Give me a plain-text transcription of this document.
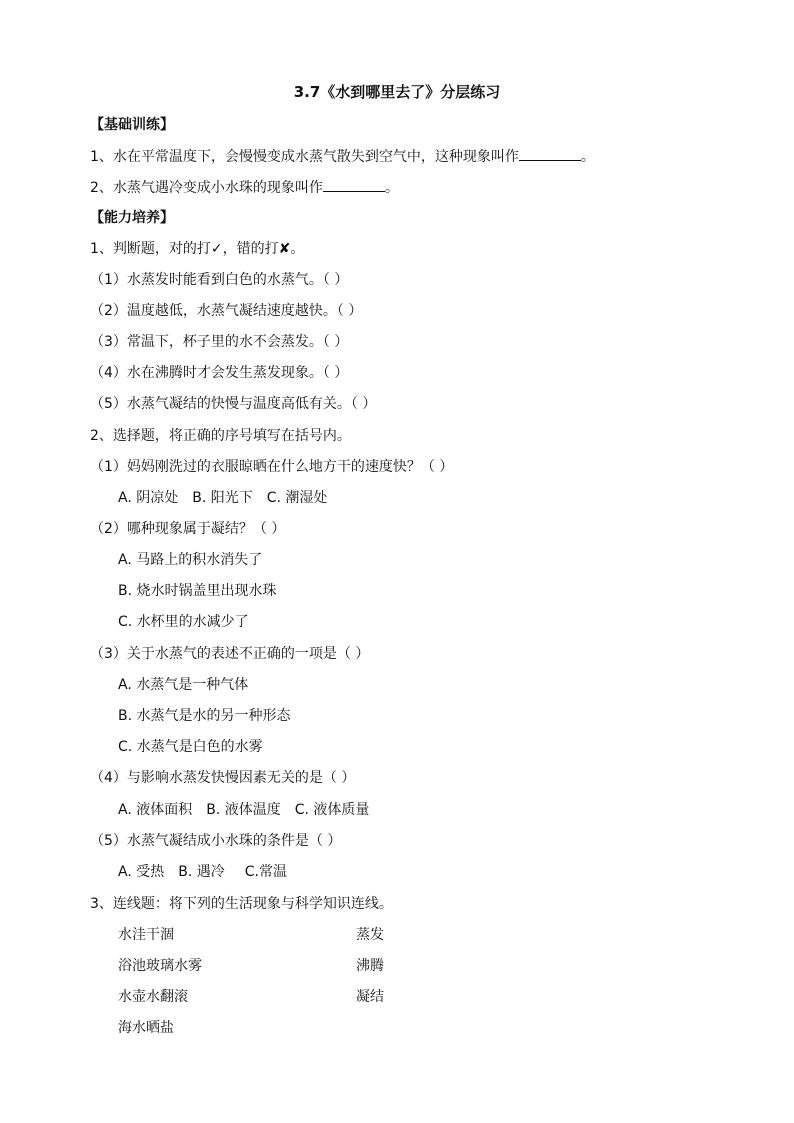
3.7《水到哪里去了》分层练习
【基础训练】
1、水在平常温度下，会慢慢变成水蒸气散失到空气中，这种现象叫作	。
2、水蒸气遇冷变成小水珠的现象叫作	。
【能力培养】
1、判断题，对的打✓，错的打✘。
（1）水蒸发时能看到白色的水蒸气。（ ）
（2）温度越低，水蒸气凝结速度越快。（ ）
（3）常温下，杯子里的水不会蒸发。（ ）
（4）水在沸腾时才会发生蒸发现象。（ ）
（5）水蒸气凝结的快慢与温度高低有关。（ ）
2、选择题，将正确的序号填写在括号内。
（1）妈妈刚洗过的衣服晾晒在什么地方干的速度快？（ ）
A. 阴凉处 B. 阳光下 C. 潮湿处
（2）哪种现象属于凝结？（ ）
A. 马路上的积水消失了
B. 烧水时锅盖里出现水珠
C. 水杯里的水减少了
（3）关于水蒸气的表述不正确的一项是（ ）
A. 水蒸气是一种气体
B. 水蒸气是水的另一种形态
C. 水蒸气是白色的水雾
（4）与影响水蒸发快慢因素无关的是（ ）
A. 液体面积 B. 液体温度 C. 液体质量
（5）水蒸气凝结成小水珠的条件是（ ）
A. 受热 B. 遇冷 C.常温
3、连线题：将下列的生活现象与科学知识连线。
水洼干涸
浴池玻璃水雾
水壶水翻滚
海水晒盐
蒸发
沸腾
凝结
